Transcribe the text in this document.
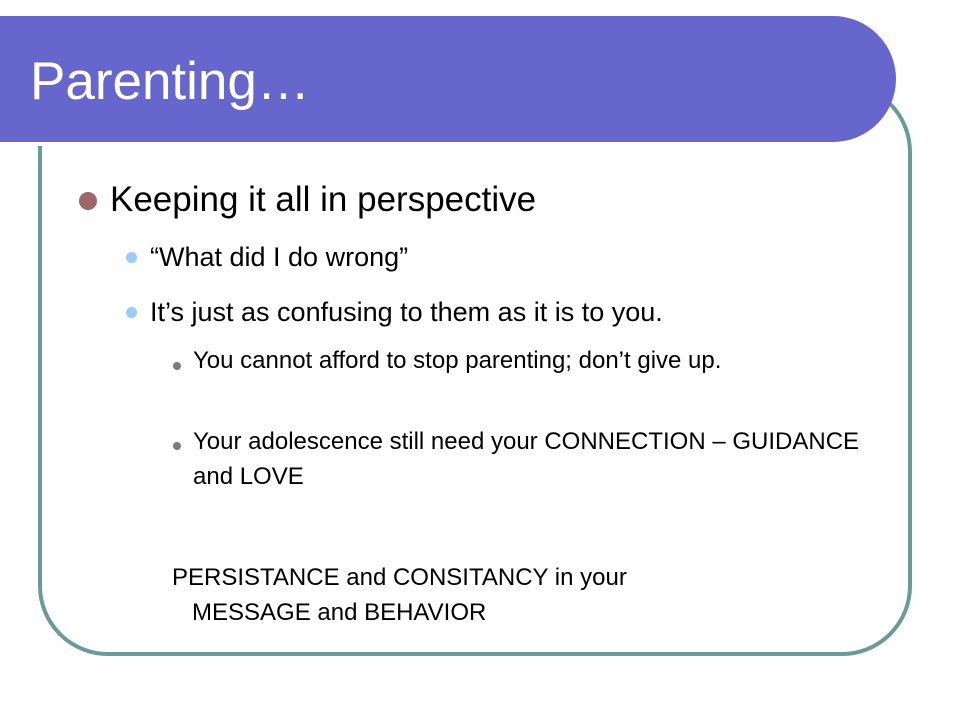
Parenting…
Keeping it all in perspective
“What did I do wrong”
It’s just as confusing to them as it is to you.
You cannot afford to stop parenting; don’t give up.
Your adolescence still need your CONNECTION – GUIDANCE and LOVE
PERSISTANCE and CONSITANCY in your
MESSAGE and BEHAVIOR
